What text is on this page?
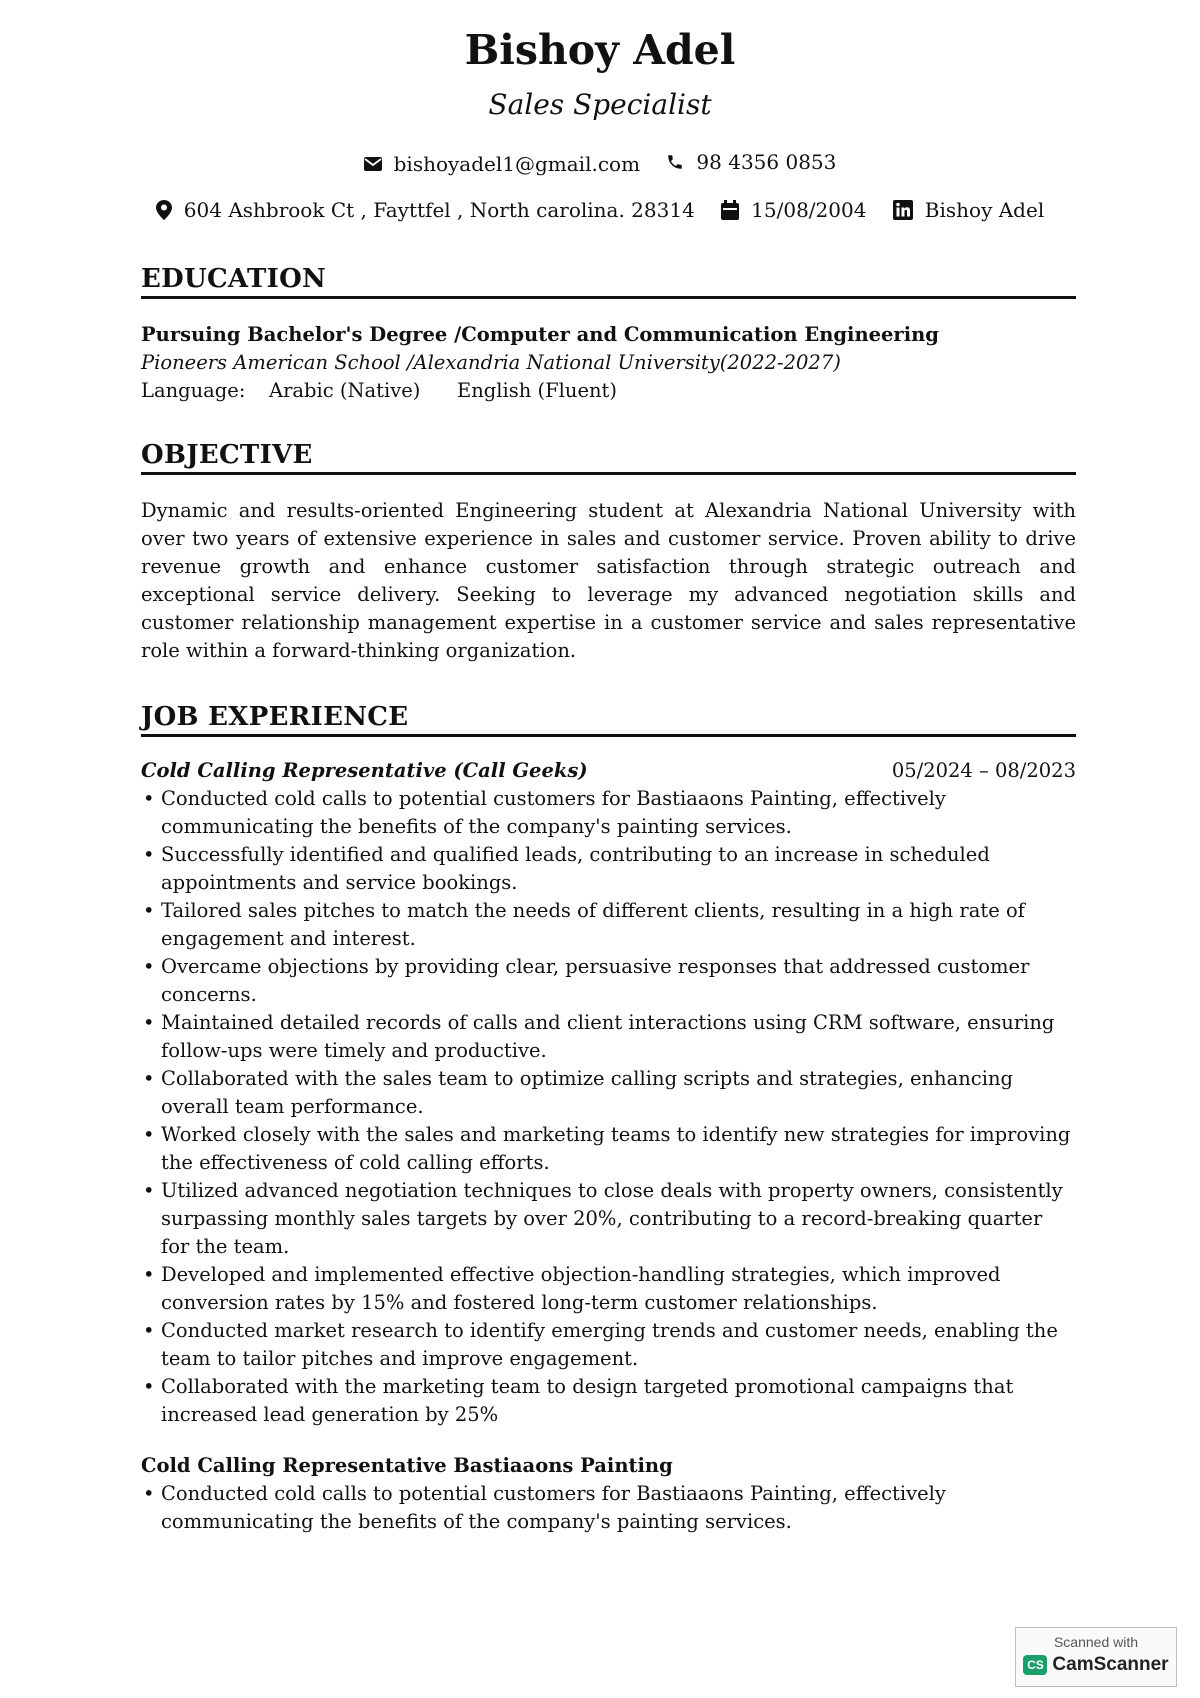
Bishoy Adel
Sales Specialist
bishoyadel1@gmail.com
	98 4356 0853
604 Ashbrook Ct , Fayttfel , North carolina. 28314
	15/08/2004
	Bishoy Adel
EDUCATION
Pursuing Bachelor's Degree /Computer and Communication Engineering
Pioneers American School /Alexandria National University(2022-2027)
Language: Arabic (Native) English (Fluent)
OBJECTIVE
Dynamic and results-oriented Engineering student at Alexandria National University with over two years of extensive experience in sales and customer service. Proven ability to drive revenue growth and enhance customer satisfaction through strategic outreach and exceptional service delivery. Seeking to leverage my advanced negotiation skills and customer relationship management expertise in a customer service and sales representative role within a forward-thinking organization.
JOB EXPERIENCE
Cold Calling Representative (Call Geeks)	05/2024 – 08/2023
• Conducted cold calls to potential customers for Bastiaaons Painting, effectively communicating the benefits of the company's painting services.
• Successfully identified and qualified leads, contributing to an increase in scheduled appointments and service bookings.
• Tailored sales pitches to match the needs of different clients, resulting in a high rate of engagement and interest.
• Overcame objections by providing clear, persuasive responses that addressed customer concerns.
• Maintained detailed records of calls and client interactions using CRM software, ensuring follow-ups were timely and productive.
• Collaborated with the sales team to optimize calling scripts and strategies, enhancing overall team performance.
• Worked closely with the sales and marketing teams to identify new strategies for improving the effectiveness of cold calling efforts.
• Utilized advanced negotiation techniques to close deals with property owners, consistently surpassing monthly sales targets by over 20%, contributing to a record-breaking quarter for the team.
• Developed and implemented effective objection-handling strategies, which improved conversion rates by 15% and fostered long-term customer relationships.
• Conducted market research to identify emerging trends and customer needs, enabling the team to tailor pitches and improve engagement.
• Collaborated with the marketing team to design targeted promotional campaigns that increased lead generation by 25%
Cold Calling Representative Bastiaaons Painting
• Conducted cold calls to potential customers for Bastiaaons Painting, effectively communicating the benefits of the company's painting services.
Scanned with
CS CamScanner
